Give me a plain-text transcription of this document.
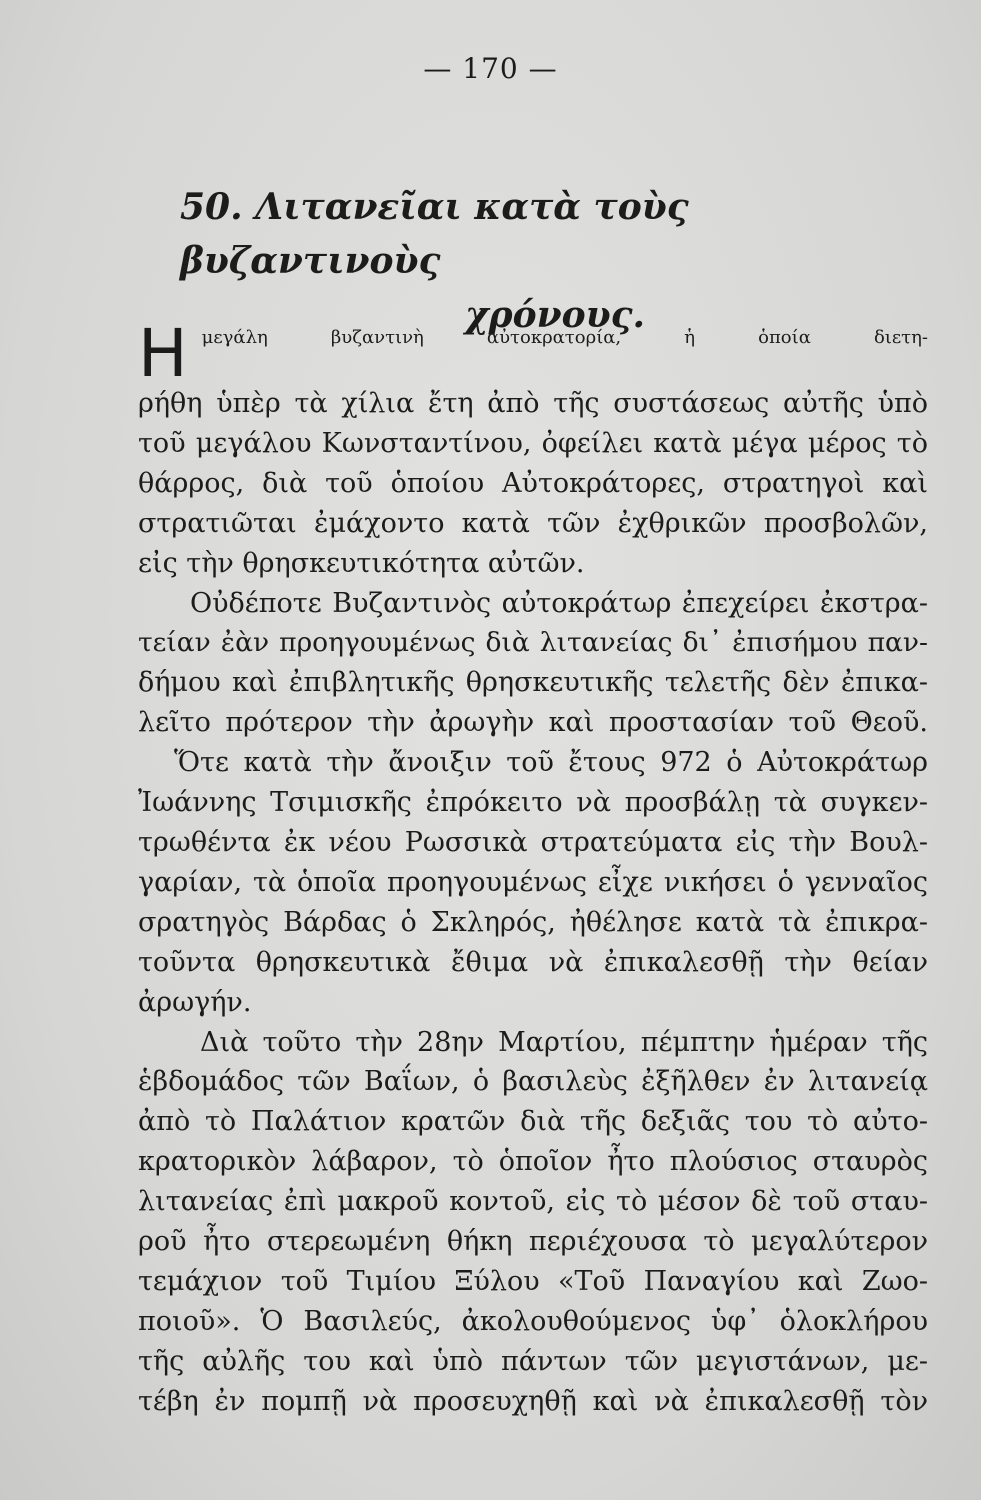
— 170 —
50. Λιτανεῖαι κατὰ τοὺς βυζαντινοὺς
χρόνους.
Η μεγάλη βυζαντινὴ αὐτοκρατορία, ἡ ὁποία διετη-
ρήθη ὑπὲρ τὰ χίλια ἔτη ἀπὸ τῆς συστάσεως αὐτῆς ὑπὸ
τοῦ μεγάλου Κωνσταντίνου, ὀφείλει κατὰ μέγα μέρος τὸ
θάρρος, διὰ τοῦ ὁποίου Αὐτοκράτορες, στρατηγοὶ καὶ
στρατιῶται ἐμάχοντο κατὰ τῶν ἐχθρικῶν προσβολῶν,
εἰς τὴν θρησκευτικότητα αὐτῶν.
Οὐδέποτε Βυζαντινὸς αὐτοκράτωρ ἐπεχείρει ἐκστρα-
τείαν ἐὰν προηγουμένως διὰ λιτανείας δι᾽ ἐπισήμου παν-
δήμου καὶ ἐπιβλητικῆς θρησκευτικῆς τελετῆς δὲν ἐπικα-
λεῖτο πρότερον τὴν ἀρωγὴν καὶ προστασίαν τοῦ Θεοῦ.
Ὅτε κατὰ τὴν ἄνοιξιν τοῦ ἔτους 972 ὁ Αὐτοκράτωρ
Ἰωάννης Τσιμισκῆς ἐπρόκειτο νὰ προσβάλῃ τὰ συγκεν-
τρωθέντα ἐκ νέου Ρωσσικὰ στρατεύματα εἰς τὴν Βουλ-
γαρίαν, τὰ ὁποῖα προηγουμένως εἶχε νικήσει ὁ γενναῖος
σρατηγὸς Βάρδας ὁ Σκληρός, ἠθέλησε κατὰ τὰ ἐπικρα-
τοῦντα θρησκευτικὰ ἔθιμα νὰ ἐπικαλεσθῇ τὴν θείαν
ἀρωγήν.
Διὰ τοῦτο τὴν 28ην Μαρτίου, πέμπτην ἡμέραν τῆς
ἑβδομάδος τῶν Βαΐων, ὁ βασιλεὺς ἐξῆλθεν ἐν λιτανείᾳ
ἀπὸ τὸ Παλάτιον κρατῶν διὰ τῆς δεξιᾶς του τὸ αὐτο-
κρατορικὸν λάβαρον, τὸ ὁποῖον ἦτο πλούσιος σταυρὸς
λιτανείας ἐπὶ μακροῦ κοντοῦ, εἰς τὸ μέσον δὲ τοῦ σταυ-
ροῦ ἦτο στερεωμένη θήκη περιέχουσα τὸ μεγαλύτερον
τεμάχιον τοῦ Τιμίου Ξύλου «Τοῦ Παναγίου καὶ Ζωο-
ποιοῦ». Ὁ Βασιλεύς, ἀκολουθούμενος ὑφ᾽ ὁλοκλήρου
τῆς αὐλῆς του καὶ ὑπὸ πάντων τῶν μεγιστάνων, με-
τέβη ἐν πομπῇ νὰ προσευχηθῇ καὶ νὰ ἐπικαλεσθῇ τὸν
